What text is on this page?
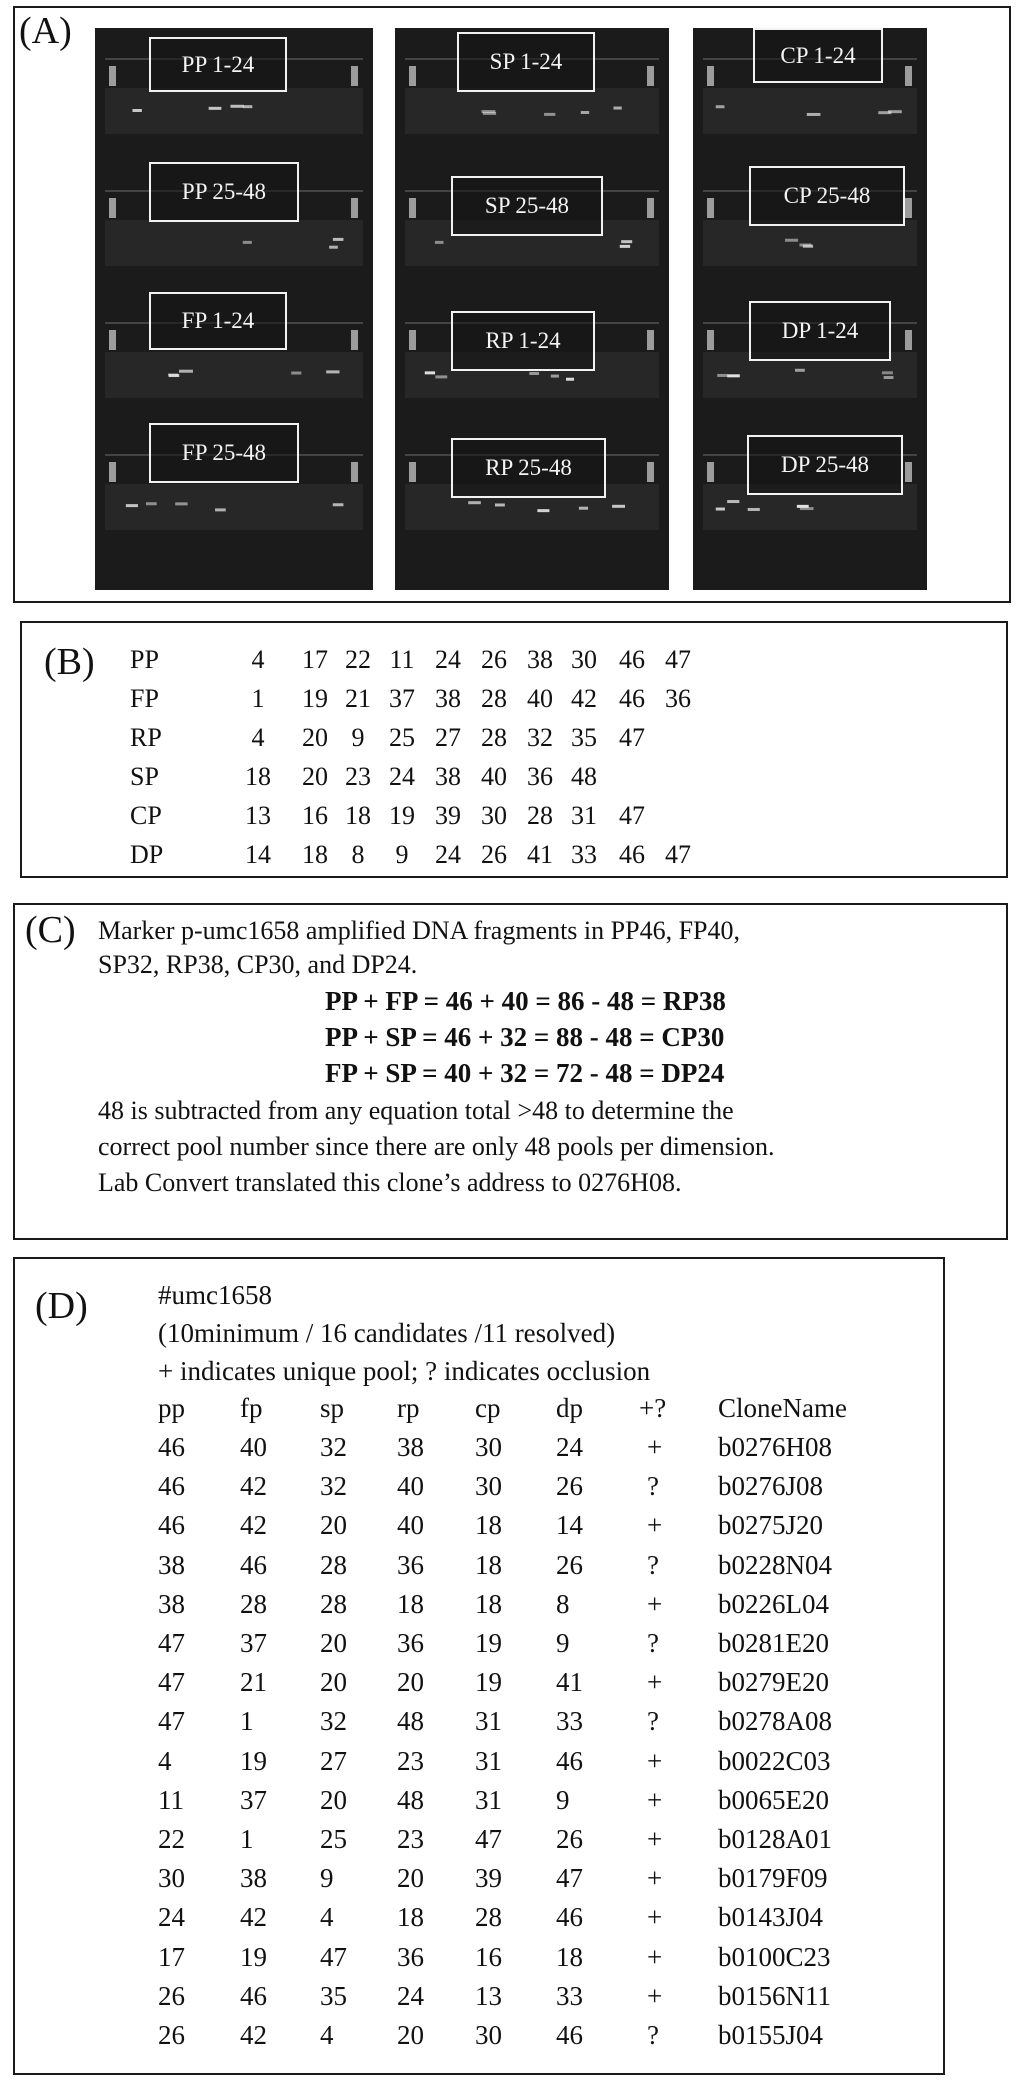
(A)
PP 1-24
PP 25-48
FP 1-24
FP 25-48
SP 1-24
SP 25-48
RP 1-24
RP 25-48
CP 1-24
CP 25-48
DP 1-24
DP 25-48
(B) PP	4	17 22 11 24 26 38 30 46 47
FP	1	19 21 37 38 28 40 42 46 36
RP	4	20 9 25 27 28 32 35 47
SP	18 20 23 24 38 40 36 48
CP	13 16 18 19 39 30 28 31 47
DP	14 18 8	9	24 26 41 33 46 47
(C) Marker p-umc1658 amplified DNA fragments in PP46, FP40,
SP32, RP38, CP30, and DP24.
PP + FP = 46 + 40 = 86 - 48 = RP38
PP + SP = 46 + 32 = 88 - 48 = CP30
FP + SP = 40 + 32 = 72 - 48 = DP24
48 is subtracted from any equation total >48 to determine the
correct pool number since there are only 48 pools per dimension.
Lab Convert translated this clone’s address to 0276H08.
(D)	#umc1658
(10minimum / 16 candidates /11 resolved)
+ indicates unique pool; ? indicates occlusion
pp fp sp rp cp dp +? CloneName
46 40 32 38 30 24 + b0276H08
46 42 32 40 30 26 ? b0276J08
46 42 20 40 18 14 + b0275J20
38 46 28 36 18 26 ? b0228N04
38 28 28 18 18 8	+ b0226L04
47 37 20 36 19 9	? b0281E20
47 21 20 20 19 41 + b0279E20
47 1 32 48 31 33 ? b0278A08
4	19 27 23 31 46 + b0022C03
11 37 20 48 31 9	+ b0065E20
22 1 25 23 47 26 + b0128A01
30 38 9 20 39 47 + b0179F09
24 42 4 18 28 46 + b0143J04
17 19 47 36 16 18 + b0100C23
26 46 35 24 13 33 + b0156N11
26 42 4 20 30 46 ? b0155J04
